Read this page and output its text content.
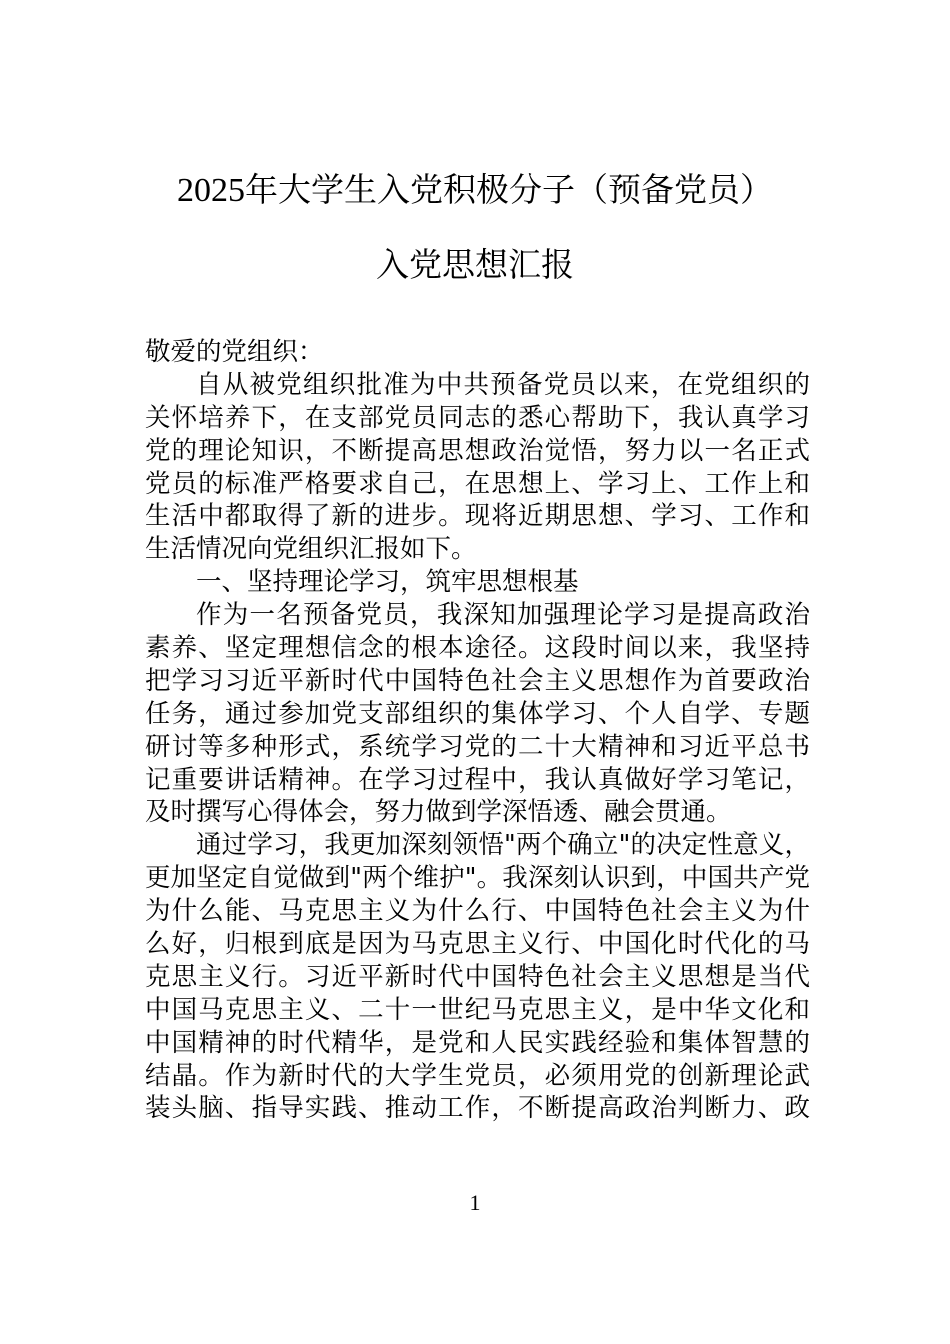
2025年大学生入党积极分子（预备党员）
入党思想汇报
敬爱的党组织：
自从被党组织批准为中共预备党员以来，在党组织的
关怀培养下，在支部党员同志的悉心帮助下，我认真学习
党的理论知识，不断提高思想政治觉悟，努力以一名正式
党员的标准严格要求自己，在思想上、学习上、工作上和
生活中都取得了新的进步。现将近期思想、学习、工作和
生活情况向党组织汇报如下。
一、坚持理论学习，筑牢思想根基
作为一名预备党员，我深知加强理论学习是提高政治
素养、坚定理想信念的根本途径。这段时间以来，我坚持
把学习习近平新时代中国特色社会主义思想作为首要政治
任务，通过参加党支部组织的集体学习、个人自学、专题
研讨等多种形式，系统学习党的二十大精神和习近平总书
记重要讲话精神。在学习过程中，我认真做好学习笔记，
及时撰写心得体会，努力做到学深悟透、融会贯通。
通过学习，我更加深刻领悟"两个确立"的决定性意义，
更加坚定自觉做到"两个维护"。我深刻认识到，中国共产党
为什么能、马克思主义为什么行、中国特色社会主义为什
么好，归根到底是因为马克思主义行、中国化时代化的马
克思主义行。习近平新时代中国特色社会主义思想是当代
中国马克思主义、二十一世纪马克思主义，是中华文化和
中国精神的时代精华，是党和人民实践经验和集体智慧的
结晶。作为新时代的大学生党员，必须用党的创新理论武
装头脑、指导实践、推动工作，不断提高政治判断力、政
1
